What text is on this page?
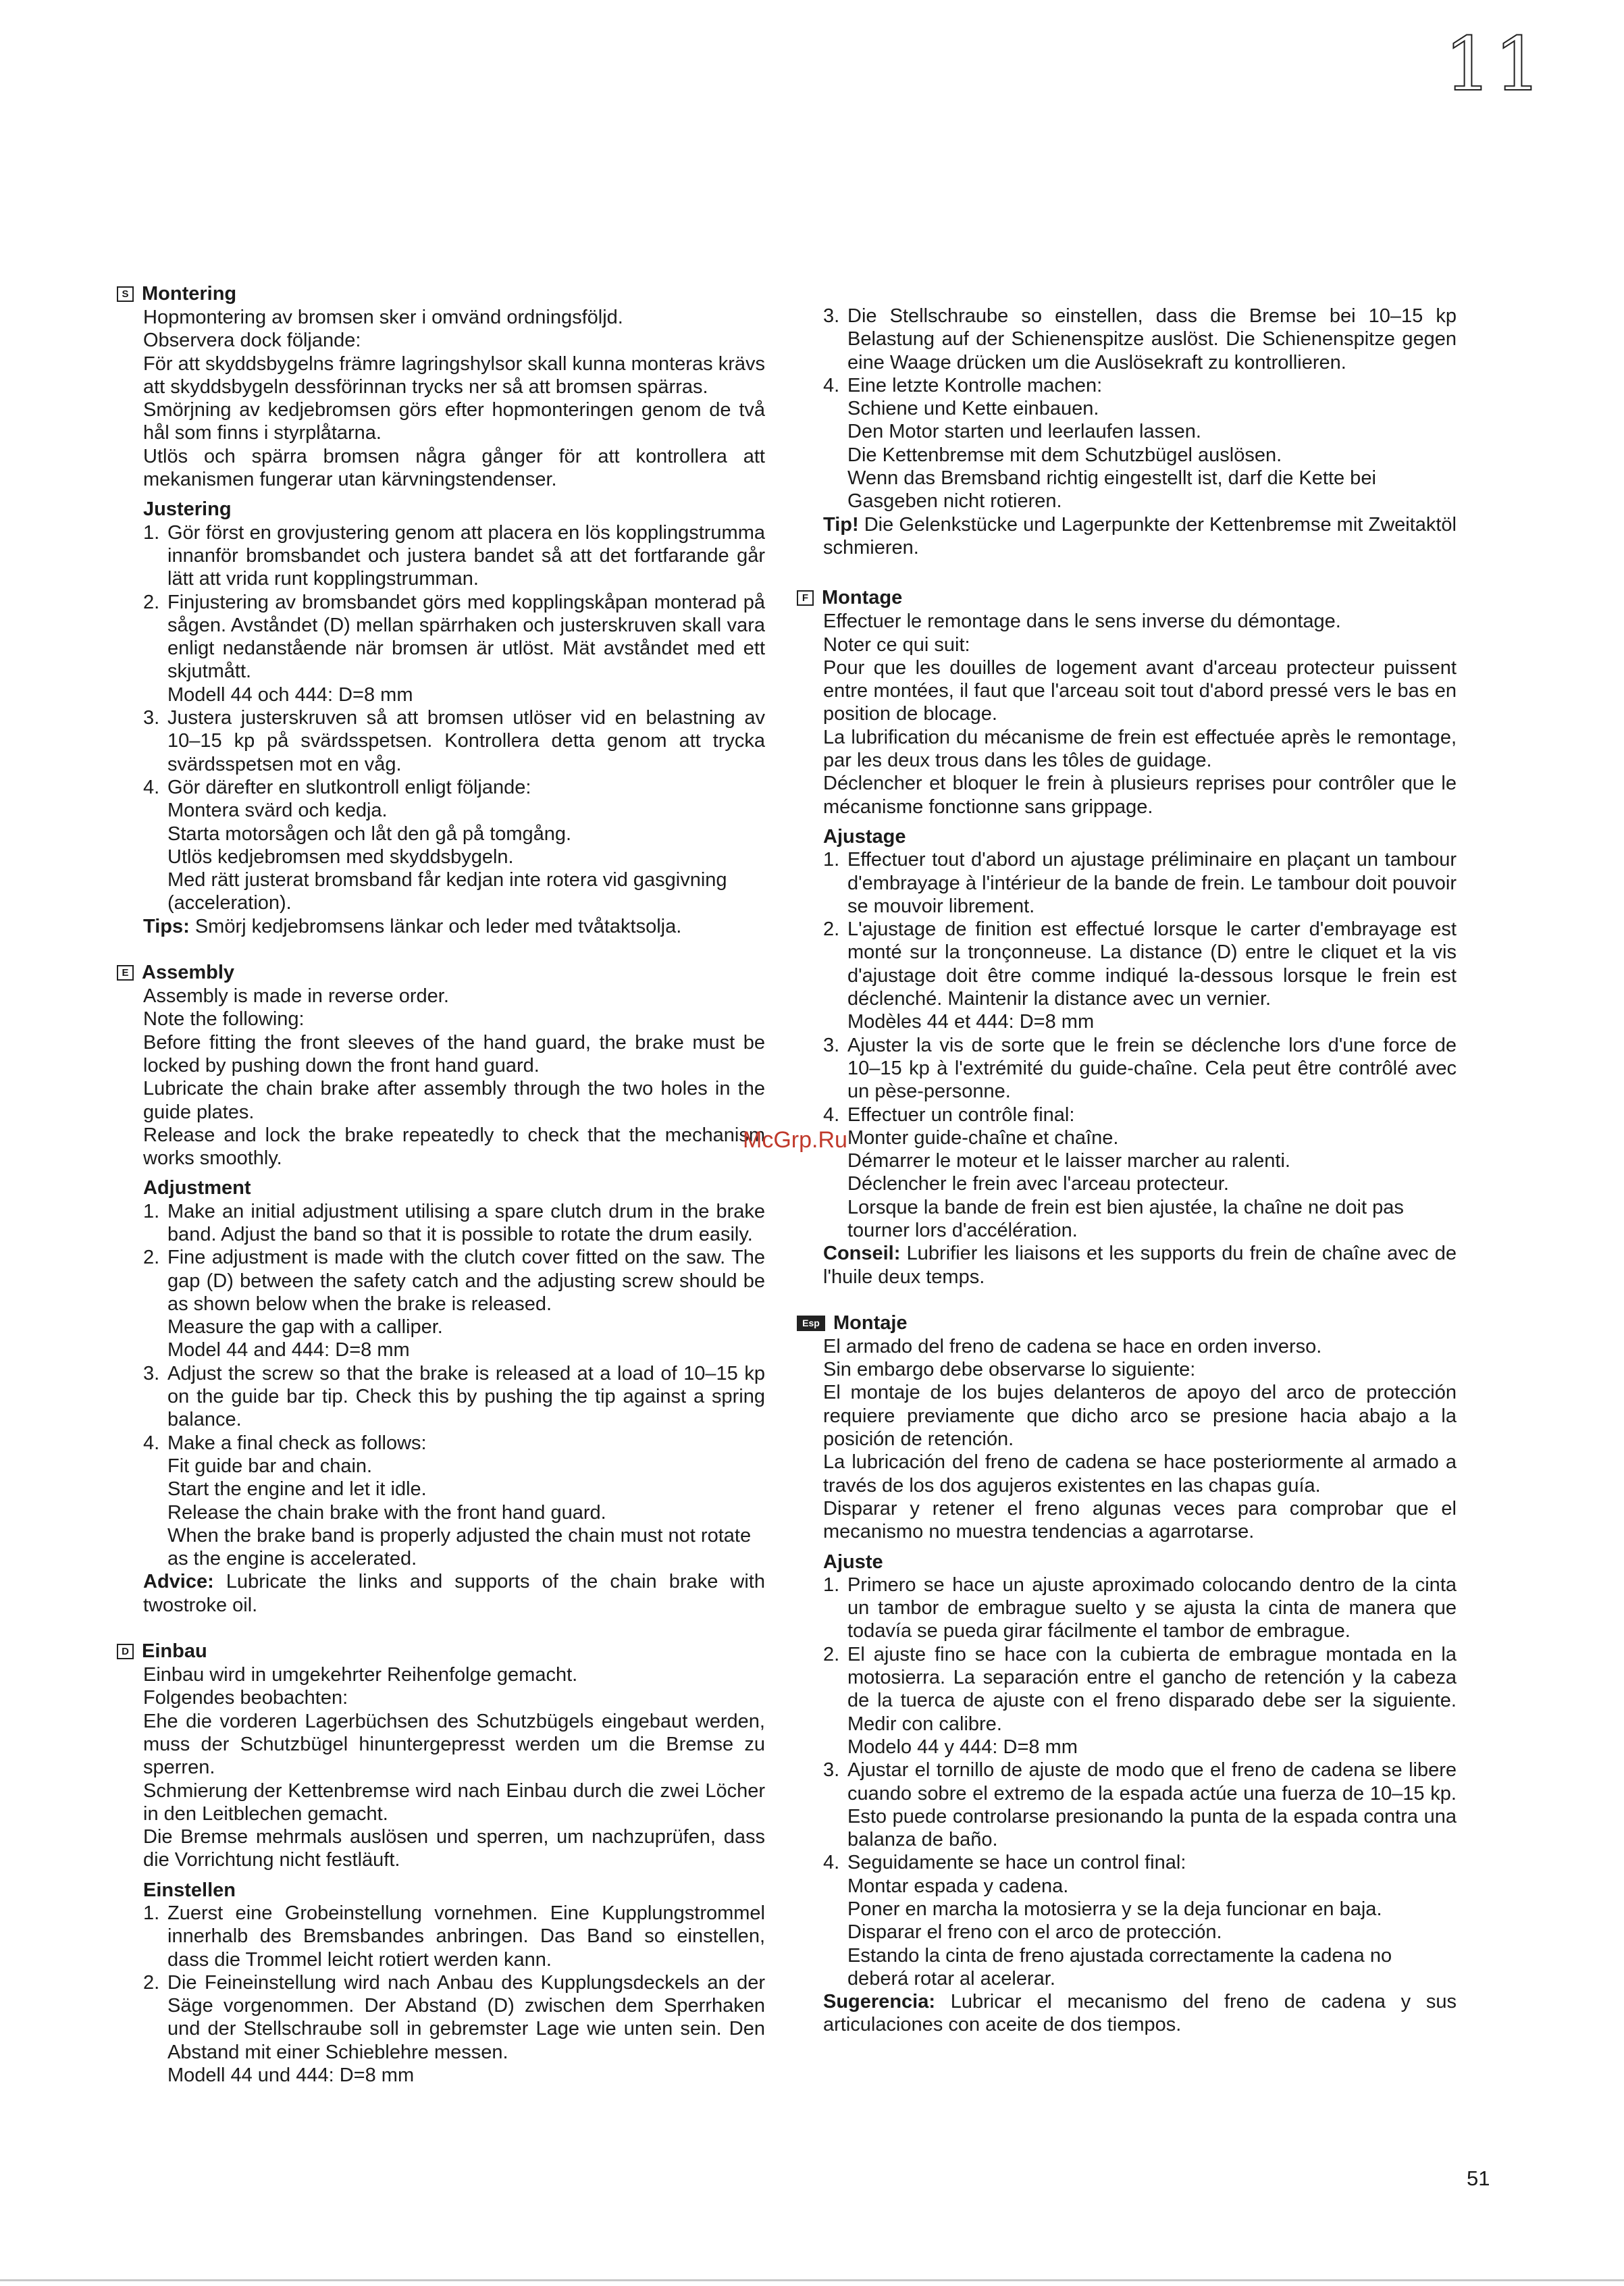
11
S Montering
Hopmontering av bromsen sker i omvänd ordningsföljd.
Observera dock följande:
För att skyddsbygelns främre lagringshylsor skall kunna monteras krävs att skyddsbygeln dessförinnan trycks ner så att bromsen spärras.
Smörjning av kedjebromsen görs efter hopmonteringen genom de två hål som finns i styrplåtarna.
Utlös och spärra bromsen några gånger för att kontrollera att mekanismen fungerar utan kärvningstendenser.
Justering
1. Gör först en grovjustering genom att placera en lös kopplingstrumma innanför bromsbandet och justera bandet så att det fortfarande går lätt att vrida runt kopplingstrumman.
2. Finjustering av bromsbandet görs med kopplingskåpan monterad på sågen. Avståndet (D) mellan spärrhaken och justerskruven skall vara enligt nedanstående när bromsen är utlöst. Mät avståndet med ett skjutmått.
Modell 44 och 444: D=8 mm
3. Justera justerskruven så att bromsen utlöser vid en belastning av 10–15 kp på svärdsspetsen. Kontrollera detta genom att trycka svärdsspetsen mot en våg.
4. Gör därefter en slutkontroll enligt följande:
Montera svärd och kedja.
Starta motorsågen och låt den gå på tomgång.
Utlös kedjebromsen med skyddsbygeln.
Med rätt justerat bromsband får kedjan inte rotera vid gasgivning (acceleration).
Tips: Smörj kedjebromsens länkar och leder med tvåtaktsolja.
E Assembly
Assembly is made in reverse order.
Note the following:
Before fitting the front sleeves of the hand guard, the brake must be locked by pushing down the front hand guard.
Lubricate the chain brake after assembly through the two holes in the guide plates.
Release and lock the brake repeatedly to check that the mechanism works smoothly.
Adjustment
1. Make an initial adjustment utilising a spare clutch drum in the brake band. Adjust the band so that it is possible to rotate the drum easily.
2. Fine adjustment is made with the clutch cover fitted on the saw. The gap (D) between the safety catch and the adjusting screw should be as shown below when the brake is released.
Measure the gap with a calliper.
Model 44 and 444: D=8 mm
3. Adjust the screw so that the brake is released at a load of 10–15 kp on the guide bar tip. Check this by pushing the tip against a spring balance.
4. Make a final check as follows:
Fit guide bar and chain.
Start the engine and let it idle.
Release the chain brake with the front hand guard.
When the brake band is properly adjusted the chain must not rotate as the engine is accelerated.
Advice: Lubricate the links and supports of the chain brake with twostroke oil.
D Einbau
Einbau wird in umgekehrter Reihenfolge gemacht.
Folgendes beobachten:
Ehe die vorderen Lagerbüchsen des Schutzbügels eingebaut werden, muss der Schutzbügel hinuntergepresst werden um die Bremse zu sperren.
Schmierung der Kettenbremse wird nach Einbau durch die zwei Löcher in den Leitblechen gemacht.
Die Bremse mehrmals auslösen und sperren, um nachzuprüfen, dass die Vorrichtung nicht festläuft.
Einstellen
1. Zuerst eine Grobeinstellung vornehmen. Eine Kupplungstrommel innerhalb des Bremsbandes anbringen. Das Band so einstellen, dass die Trommel leicht rotiert werden kann.
2. Die Feineinstellung wird nach Anbau des Kupplungsdeckels an der Säge vorgenommen. Der Abstand (D) zwischen dem Sperrhaken und der Stellschraube soll in gebremster Lage wie unten sein. Den Abstand mit einer Schieblehre messen.
Modell 44 und 444: D=8 mm
3. Die Stellschraube so einstellen, dass die Bremse bei 10–15 kp Belastung auf der Schienenspitze auslöst. Die Schienenspitze gegen eine Waage drücken um die Auslösekraft zu kontrollieren.
4. Eine letzte Kontrolle machen:
Schiene und Kette einbauen.
Den Motor starten und leerlaufen lassen.
Die Kettenbremse mit dem Schutzbügel auslösen.
Wenn das Bremsband richtig eingestellt ist, darf die Kette bei Gasgeben nicht rotieren.
Tip! Die Gelenkstücke und Lagerpunkte der Kettenbremse mit Zweitaktöl schmieren.
F Montage
Effectuer le remontage dans le sens inverse du démontage.
Noter ce qui suit:
Pour que les douilles de logement avant d'arceau protecteur puissent entre montées, il faut que l'arceau soit tout d'abord pressé vers le bas en position de blocage.
La lubrification du mécanisme de frein est effectuée après le remontage, par les deux trous dans les tôles de guidage.
Déclencher et bloquer le frein à plusieurs reprises pour contrôler que le mécanisme fonctionne sans grippage.
Ajustage
1. Effectuer tout d'abord un ajustage préliminaire en plaçant un tambour d'embrayage à l'intérieur de la bande de frein. Le tambour doit pouvoir se mouvoir librement.
2. L'ajustage de finition est effectué lorsque le carter d'embrayage est monté sur la tronçonneuse. La distance (D) entre le cliquet et la vis d'ajustage doit être comme indiqué la-dessous lorsque le frein est déclenché. Maintenir la distance avec un vernier.
Modèles 44 et 444: D=8 mm
3. Ajuster la vis de sorte que le frein se déclenche lors d'une force de 10–15 kp à l'extrémité du guide-chaîne. Cela peut être contrôlé avec un pèse-personne.
4. Effectuer un contrôle final:
Monter guide-chaîne et chaîne.
Démarrer le moteur et le laisser marcher au ralenti.
Déclencher le frein avec l'arceau protecteur.
Lorsque la bande de frein est bien ajustée, la chaîne ne doit pas tourner lors d'accélération.
Conseil: Lubrifier les liaisons et les supports du frein de chaîne avec de l'huile deux temps.
Esp Montaje
El armado del freno de cadena se hace en orden inverso.
Sin embargo debe observarse lo siguiente:
El montaje de los bujes delanteros de apoyo del arco de protección requiere previamente que dicho arco se presione hacia abajo a la posición de retención.
La lubricación del freno de cadena se hace posteriormente al armado a través de los dos agujeros existentes en las chapas guía.
Disparar y retener el freno algunas veces para comprobar que el mecanismo no muestra tendencias a agarrotarse.
Ajuste
1. Primero se hace un ajuste aproximado colocando dentro de la cinta un tambor de embrague suelto y se ajusta la cinta de manera que todavía se pueda girar fácilmente el tambor de embrague.
2. El ajuste fino se hace con la cubierta de embrague montada en la motosierra. La separación entre el gancho de retención y la cabeza de la tuerca de ajuste con el freno disparado debe ser la siguiente. Medir con calibre.
Modelo 44 y 444: D=8 mm
3. Ajustar el tornillo de ajuste de modo que el freno de cadena se libere cuando sobre el extremo de la espada actúe una fuerza de 10–15 kp. Esto puede controlarse presionando la punta de la espada contra una balanza de baño.
4. Seguidamente se hace un control final:
Montar espada y cadena.
Poner en marcha la motosierra y se la deja funcionar en baja.
Disparar el freno con el arco de protección.
Estando la cinta de freno ajustada correctamente la cadena no deberá rotar al acelerar.
Sugerencia: Lubricar el mecanismo del freno de cadena y sus articulaciones con aceite de dos tiempos.
McGrp.Ru
51
